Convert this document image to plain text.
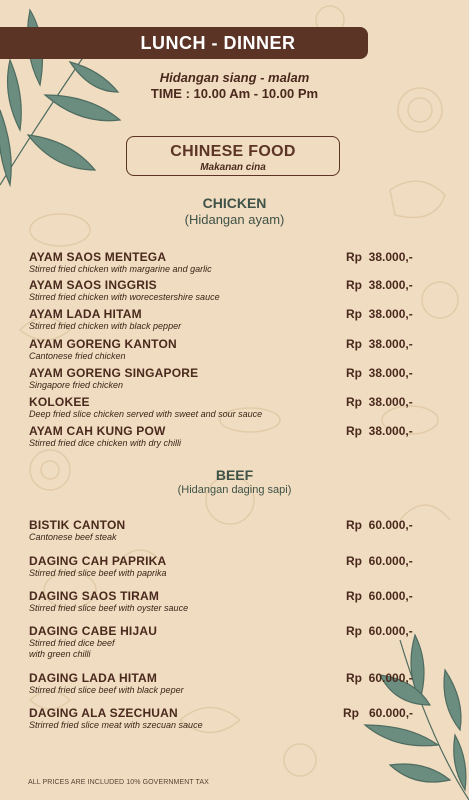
LUNCH - DINNER
Hidangan siang - malam
TIME : 10.00 Am - 10.00 Pm
CHINESE FOOD
Makanan cina
CHICKEN
(Hidangan ayam)
AYAM SAOS MENTEGA
Stirred fried chicken with margarine and garlic
Rp  38.000,-
AYAM SAOS INGGRIS
Stirred fried chicken with worecestershire sauce
Rp  38.000,-
AYAM LADA HITAM
Stirred fried chicken with black pepper
Rp  38.000,-
AYAM GORENG KANTON
Cantonese fried chicken
Rp  38.000,-
AYAM GORENG SINGAPORE
Singapore fried chicken
Rp  38.000,-
KOLOKEE
Deep fried slice chicken served with sweet and sour sauce
Rp  38.000,-
AYAM CAH KUNG POW
Stirred fried dice chicken with dry chilli
Rp  38.000,-
BEEF
(Hidangan daging sapi)
BISTIK CANTON
Cantonese beef steak
Rp  60.000,-
DAGING CAH PAPRIKA
Stirred fried slice beef with paprika
Rp  60.000,-
DAGING SAOS TIRAM
Stirred fried slice beef with oyster sauce
Rp  60.000,-
DAGING CABE HIJAU
Stirred fried dice beef
with green chilli
Rp  60.000,-
DAGING LADA HITAM
Stirred fried slice beef with black peper
Rp  60.000,-
DAGING ALA SZECHUAN
Strirred fried slice meat with szecuan sauce
Rp   60.000,-
ALL PRICES ARE INCLUDED 10% GOVERNMENT TAX
